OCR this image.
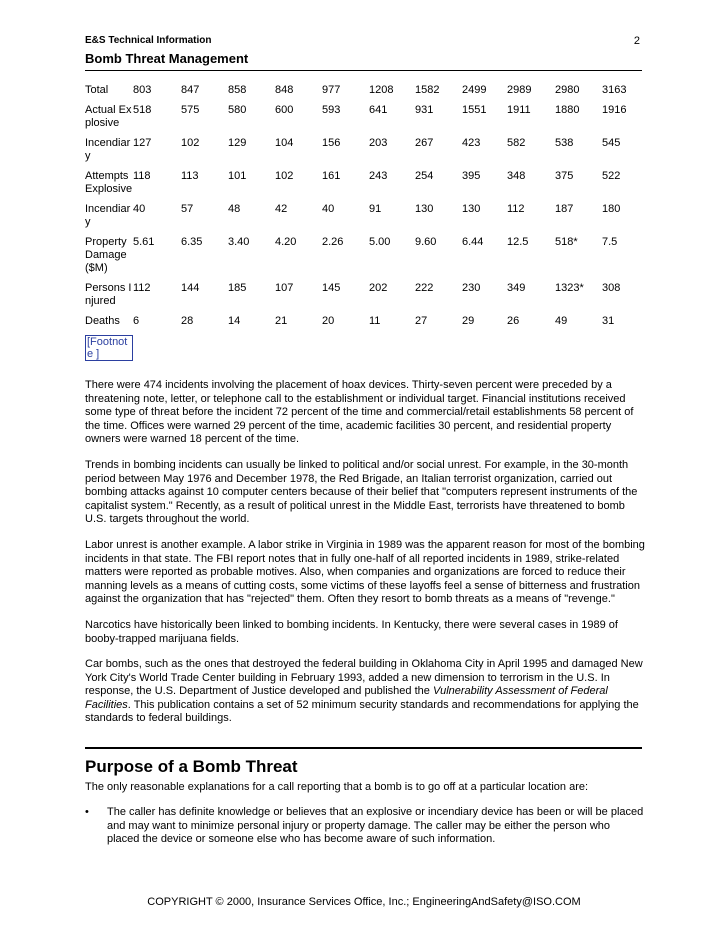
E&S Technical Information	2
Bomb Threat Management
Total	803	847	858	848	977	1208	1582	2499	2989	2980	3163
Actual Explosive	518	575	580	600	593	641	931	1551	1911	1880	1916
Incendiary	127	102	129	104	156	203	267	423	582	538	545
Attempts Explosive	118	113	101	102	161	243	254	395	348	375	522
Incendiary	40	57	48	42	40	91	130	130	112	187	180
Property Damage ($M)	5.61	6.35	3.40	4.20	2.26	5.00	9.60	6.44	12.5	518*	7.5
Persons Injured	112	144	185	107	145	202	222	230	349	1323*	308
Deaths	6	28	14	21	20	11	27	29	26	49	31
[Footnote ]											

There were 474 incidents involving the placement of hoax devices. Thirty-seven percent were preceded by a threatening note, letter, or telephone call to the establishment or individual target. Financial institutions received some type of threat before the incident 72 percent of the time and commercial/retail establishments 58 percent of the time. Offices were warned 29 percent of the time, academic facilities 30 percent, and residential property owners were warned 18 percent of the time.

Trends in bombing incidents can usually be linked to political and/or social unrest. For example, in the 30-month period between May 1976 and December 1978, the Red Brigade, an Italian terrorist organization, carried out bombing attacks against 10 computer centers because of their belief that "computers represent instruments of the capitalist system." Recently, as a result of political unrest in the Middle East, terrorists have threatened to bomb U.S. targets throughout the world.

Labor unrest is another example. A labor strike in Virginia in 1989 was the apparent reason for most of the bombing incidents in that state. The FBI report notes that in fully one-half of all reported incidents in 1989, strike-related matters were reported as probable motives. Also, when companies and organizations are forced to reduce their manning levels as a means of cutting costs, some victims of these layoffs feel a sense of bitterness and frustration against the organization that has "rejected" them. Often they resort to bomb threats as a means of "revenge."

Narcotics have historically been linked to bombing incidents. In Kentucky, there were several cases in 1989 of booby-trapped marijuana fields.

Car bombs, such as the ones that destroyed the federal building in Oklahoma City in April 1995 and damaged New York City's World Trade Center building in February 1993, added a new dimension to terrorism in the U.S. In response, the U.S. Department of Justice developed and published the Vulnerability Assessment of Federal Facilities. This publication contains a set of 52 minimum security standards and recommendations for applying the standards to federal buildings.

Purpose of a Bomb Threat
The only reasonable explanations for a call reporting that a bomb is to go off at a particular location are:
•	The caller has definite knowledge or believes that an explosive or incendiary device has been or will be placed and may want to minimize personal injury or property damage. The caller may be either the person who placed the device or someone else who has become aware of such information.
COPYRIGHT © 2000, Insurance Services Office, Inc.; EngineeringAndSafety@ISO.COM
